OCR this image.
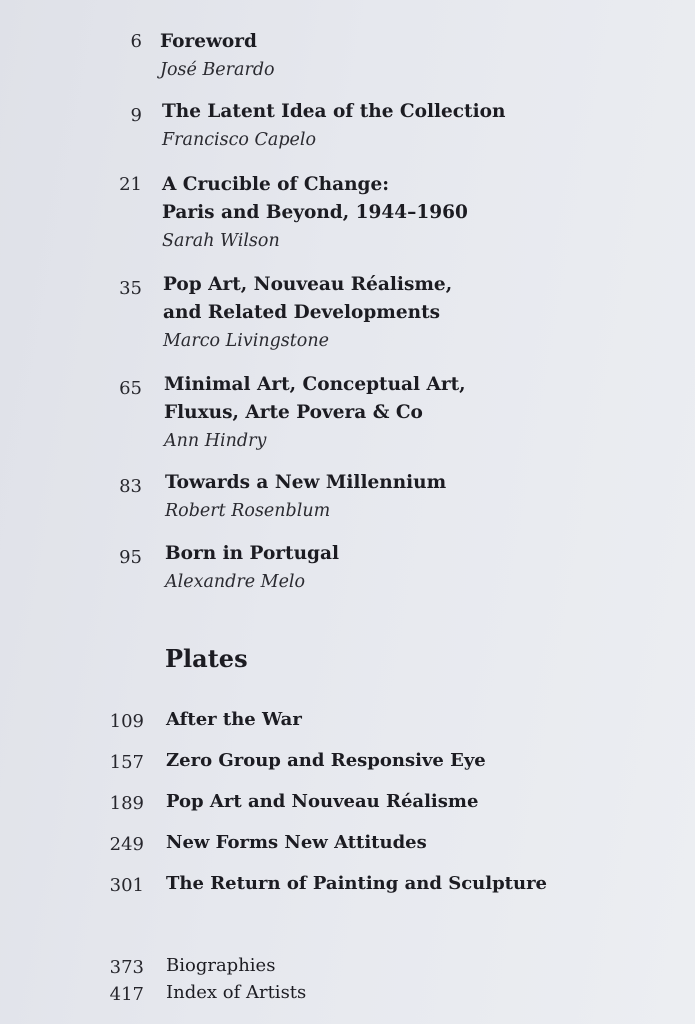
6 Foreword
José Berardo
9 The Latent Idea of the Collection
Francisco Capelo
21 A Crucible of Change:
Paris and Beyond, 1944–1960
Sarah Wilson
35 Pop Art, Nouveau Réalisme,
and Related Developments
Marco Livingstone
65 Minimal Art, Conceptual Art,
Fluxus, Arte Povera & Co
Ann Hindry
83 Towards a New Millennium
Robert Rosenblum
95 Born in Portugal
Alexandre Melo
Plates
109 After the War
157 Zero Group and Responsive Eye
189 Pop Art and Nouveau Réalisme
249 New Forms New Attitudes
301 The Return of Painting and Sculpture
373 Biographies
417 Index of Artists
